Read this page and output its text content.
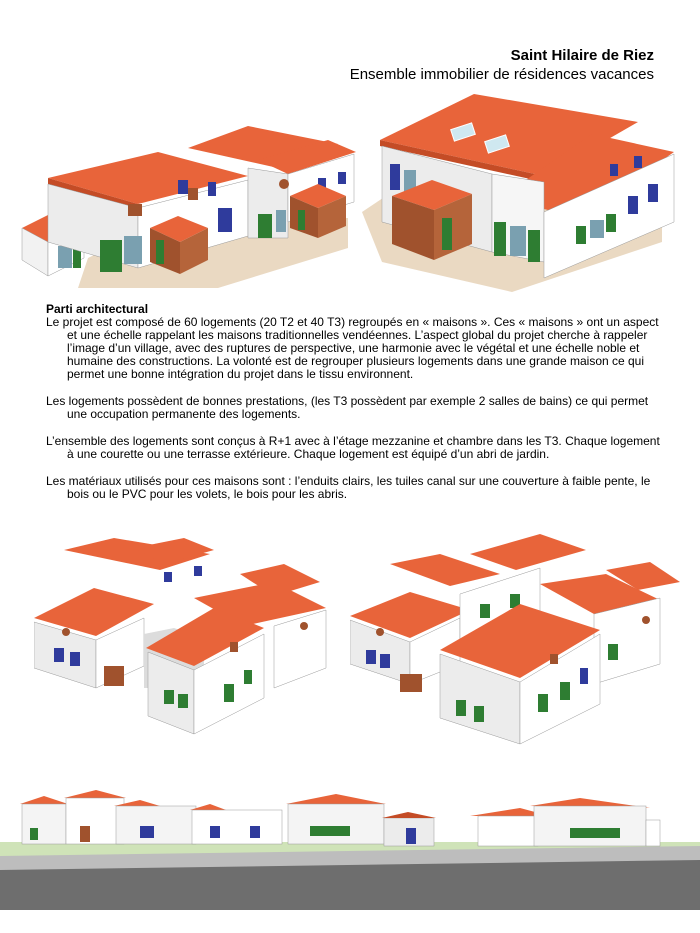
Saint Hilaire de Riez
Ensemble immobilier de résidences vacances
Parti architectural

Le projet est composé de 60 logements (20 T2 et 40 T3) regroupés en « maisons ». Ces « maisons » ont un aspect et une échelle rappelant les maisons traditionnelles vendéennes. L’aspect global du projet cherche à rappeler l’image d’un village, avec des ruptures de perspective, une harmonie avec le végétal et une échelle noble et humaine des constructions. La volonté est de regrouper plusieurs logements dans une grande maison ce qui permet une bonne intégration du projet dans le tissu environnent.

Les logements possèdent de bonnes prestations, (les T3 possèdent par exemple 2 salles de bains) ce qui permet une occupation permanente des logements.

L’ensemble des logements sont conçus à R+1 avec à l’étage mezzanine et chambre dans les T3. Chaque logement à une courette ou une terrasse extérieure. Chaque logement est équipé d’un abri de jardin.

Les matériaux utilisés pour ces maisons sont : l’enduits clairs, les tuiles canal sur une couverture à faible pente, le bois ou le PVC pour les volets, le bois pour les abris.
